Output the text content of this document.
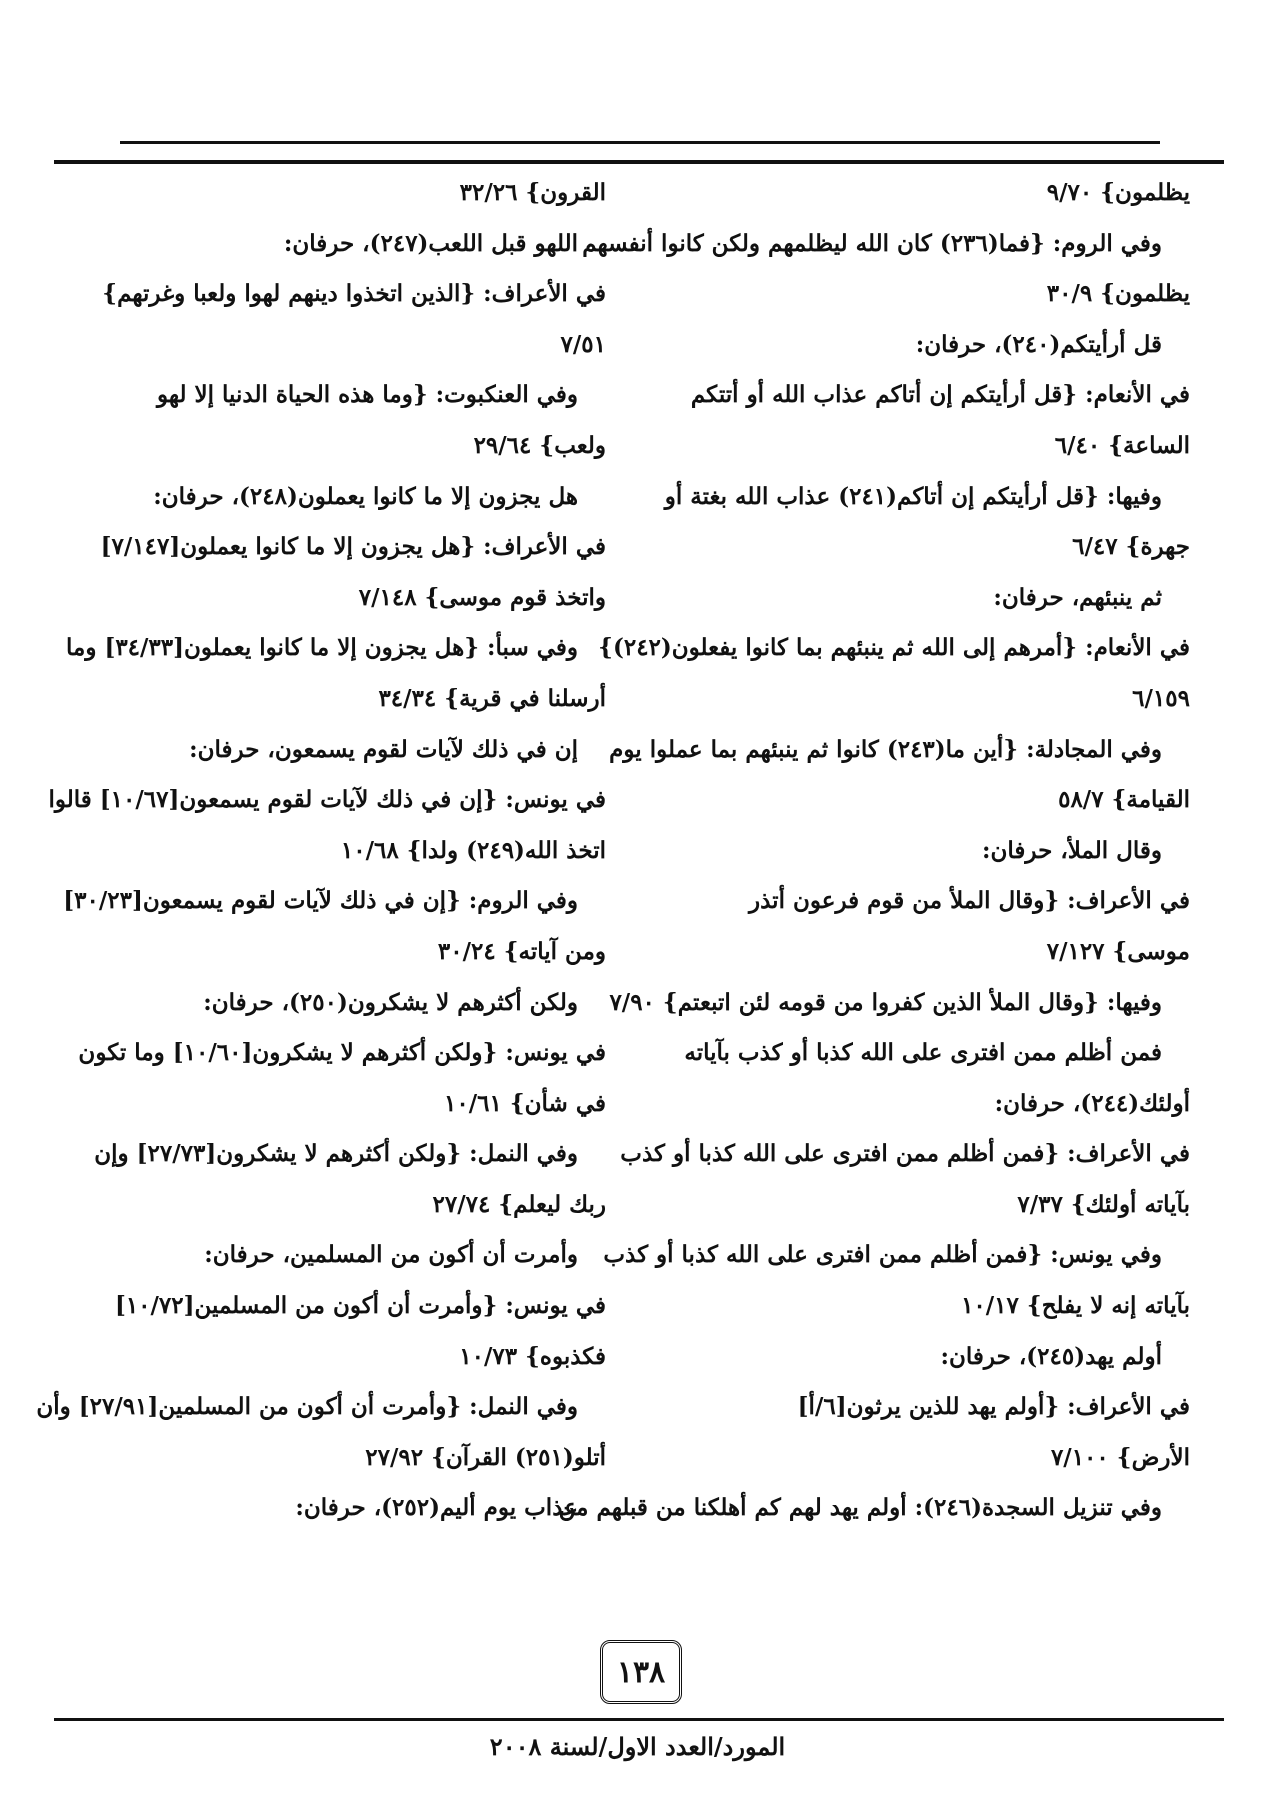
يظلمون} ٩/٧٠
وفي الروم: {فما(٢٣٦) كان الله ليظلمهم ولكن كانوا أنفسهم
يظلمون} ٣٠/٩
قل أرأيتكم(٢٤٠)، حرفان:
في الأنعام: {قل أرأيتكم إن أتاكم عذاب الله أو أتتكم
الساعة} ٦/٤٠
وفيها: {قل أرأيتكم إن أتاكم(٢٤١) عذاب الله بغتة أو
جهرة} ٦/٤٧
ثم ينبئهم، حرفان:
في الأنعام: {أمرهم إلى الله ثم ينبئهم بما كانوا يفعلون(٢٤٢)}
٦/١٥٩
وفي المجادلة: {أين ما(٢٤٣) كانوا ثم ينبئهم بما عملوا يوم
القيامة} ٥٨/٧
وقال الملأ، حرفان:
في الأعراف: {وقال الملأ من قوم فرعون أتذر
موسى} ٧/١٢٧
وفيها: {وقال الملأ الذين كفروا من قومه لئن اتبعتم} ٧/٩٠
فمن أظلم ممن افترى على الله كذبا أو كذب بآياته
أولئك(٢٤٤)، حرفان:
في الأعراف: {فمن أظلم ممن افترى على الله كذبا أو كذب
بآياته أولئك} ٧/٣٧
وفي يونس: {فمن أظلم ممن افترى على الله كذبا أو كذب
بآياته إنه لا يفلح} ١٠/١٧
أولم يهد(٢٤٥)، حرفان:
في الأعراف: {أولم يهد للذين يرثون[٦/أ]
الأرض} ٧/١٠٠
وفي تنزيل السجدة(٢٤٦): أولم يهد لهم كم أهلكنا من قبلهم من
القرون} ٣٢/٢٦
اللهو قبل اللعب(٢٤٧)، حرفان:
في الأعراف: {الذين اتخذوا دينهم لهوا ولعبا وغرتهم}
٧/٥١
وفي العنكبوت: {وما هذه الحياة الدنيا إلا لهو
ولعب} ٢٩/٦٤
هل يجزون إلا ما كانوا يعملون(٢٤٨)، حرفان:
في الأعراف: {هل يجزون إلا ما كانوا يعملون[٧/١٤٧]
واتخذ قوم موسى} ٧/١٤٨
وفي سبأ: {هل يجزون إلا ما كانوا يعملون[٣٤/٣٣] وما
أرسلنا في قرية} ٣٤/٣٤
إن في ذلك لآيات لقوم يسمعون، حرفان:
في يونس: {إن في ذلك لآيات لقوم يسمعون[١٠/٦٧] قالوا
اتخذ الله(٢٤٩) ولدا} ١٠/٦٨
وفي الروم: {إن في ذلك لآيات لقوم يسمعون[٣٠/٢٣]
ومن آياته} ٣٠/٢٤
ولكن أكثرهم لا يشكرون(٢٥٠)، حرفان:
في يونس: {ولكن أكثرهم لا يشكرون[١٠/٦٠] وما تكون
في شأن} ١٠/٦١
وفي النمل: {ولكن أكثرهم لا يشكرون[٢٧/٧٣] وإن
ربك ليعلم} ٢٧/٧٤
وأمرت أن أكون من المسلمين، حرفان:
في يونس: {وأمرت أن أكون من المسلمين[١٠/٧٢]
فكذبوه} ١٠/٧٣
وفي النمل: {وأمرت أن أكون من المسلمين[٢٧/٩١] وأن
أتلو(٢٥١) القرآن} ٢٧/٩٢
عذاب يوم أليم(٢٥٢)، حرفان:
١٣٨
المورد/العدد الاول/لسنة ٢٠٠٨
